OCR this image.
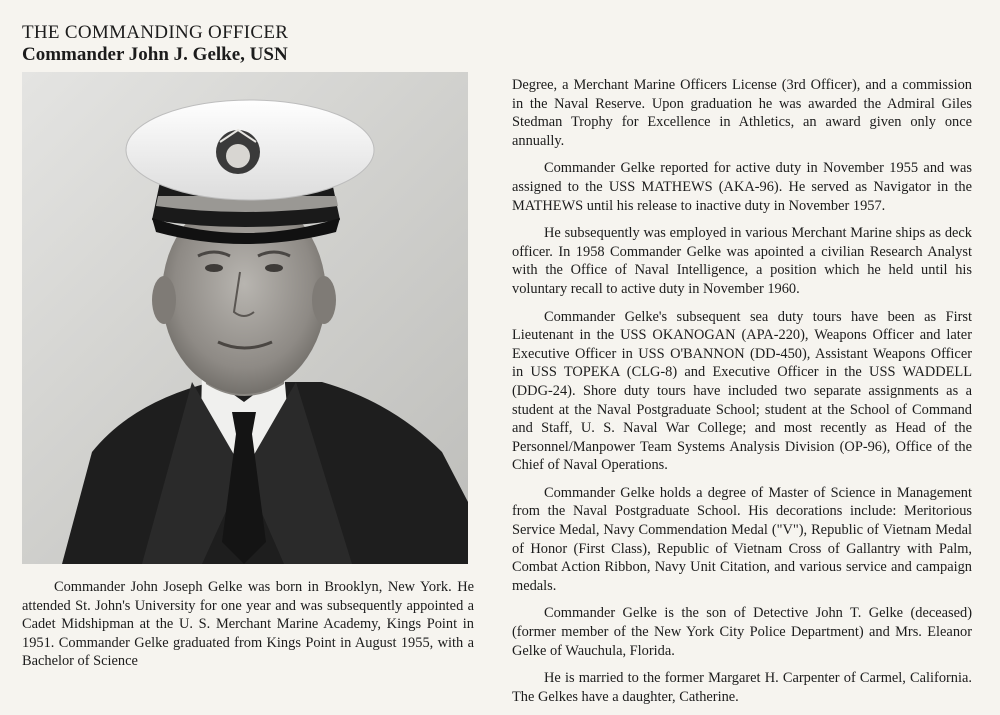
THE COMMANDING OFFICER
Commander John J. Gelke, USN

Commander John Joseph Gelke was born in Brooklyn, New York. He attended St. John's University for one year and was subsequently appointed a Cadet Midshipman at the U. S. Merchant Marine Academy, Kings Point in 1951. Commander Gelke graduated from Kings Point in August 1955, with a Bachelor of Science

Degree, a Merchant Marine Officers License (3rd Officer), and a commission in the Naval Reserve. Upon graduation he was awarded the Admiral Giles Stedman Trophy for Excellence in Athletics, an award given only once annually.

Commander Gelke reported for active duty in November 1955 and was assigned to the USS MATHEWS (AKA-96). He served as Navigator in the MATHEWS until his release to inactive duty in November 1957.

He subsequently was employed in various Merchant Marine ships as deck officer. In 1958 Commander Gelke was apointed a civilian Research Analyst with the Office of Naval Intelligence, a position which he held until his voluntary recall to active duty in November 1960.

Commander Gelke's subsequent sea duty tours have been as First Lieutenant in the USS OKANOGAN (APA-220), Weapons Officer and later Executive Officer in USS O'BANNON (DD-450), Assistant Weapons Officer in USS TOPEKA (CLG-8) and Executive Officer in the USS WADDELL (DDG-24). Shore duty tours have included two separate assignments as a student at the Naval Postgraduate School; student at the School of Command and Staff, U. S. Naval War College; and most recently as Head of the Personnel/Manpower Team Systems Analysis Division (OP-96), Office of the Chief of Naval Operations.

Commander Gelke holds a degree of Master of Science in Management from the Naval Postgraduate School. His decorations include: Meritorious Service Medal, Navy Commendation Medal ("V"), Republic of Vietnam Medal of Honor (First Class), Republic of Vietnam Cross of Gallantry with Palm, Combat Action Ribbon, Navy Unit Citation, and various service and campaign medals.

Commander Gelke is the son of Detective John T. Gelke (deceased) (former member of the New York City Police Department) and Mrs. Eleanor Gelke of Wauchula, Florida.

He is married to the former Margaret H. Carpenter of Carmel, California. The Gelkes have a daughter, Catherine.
